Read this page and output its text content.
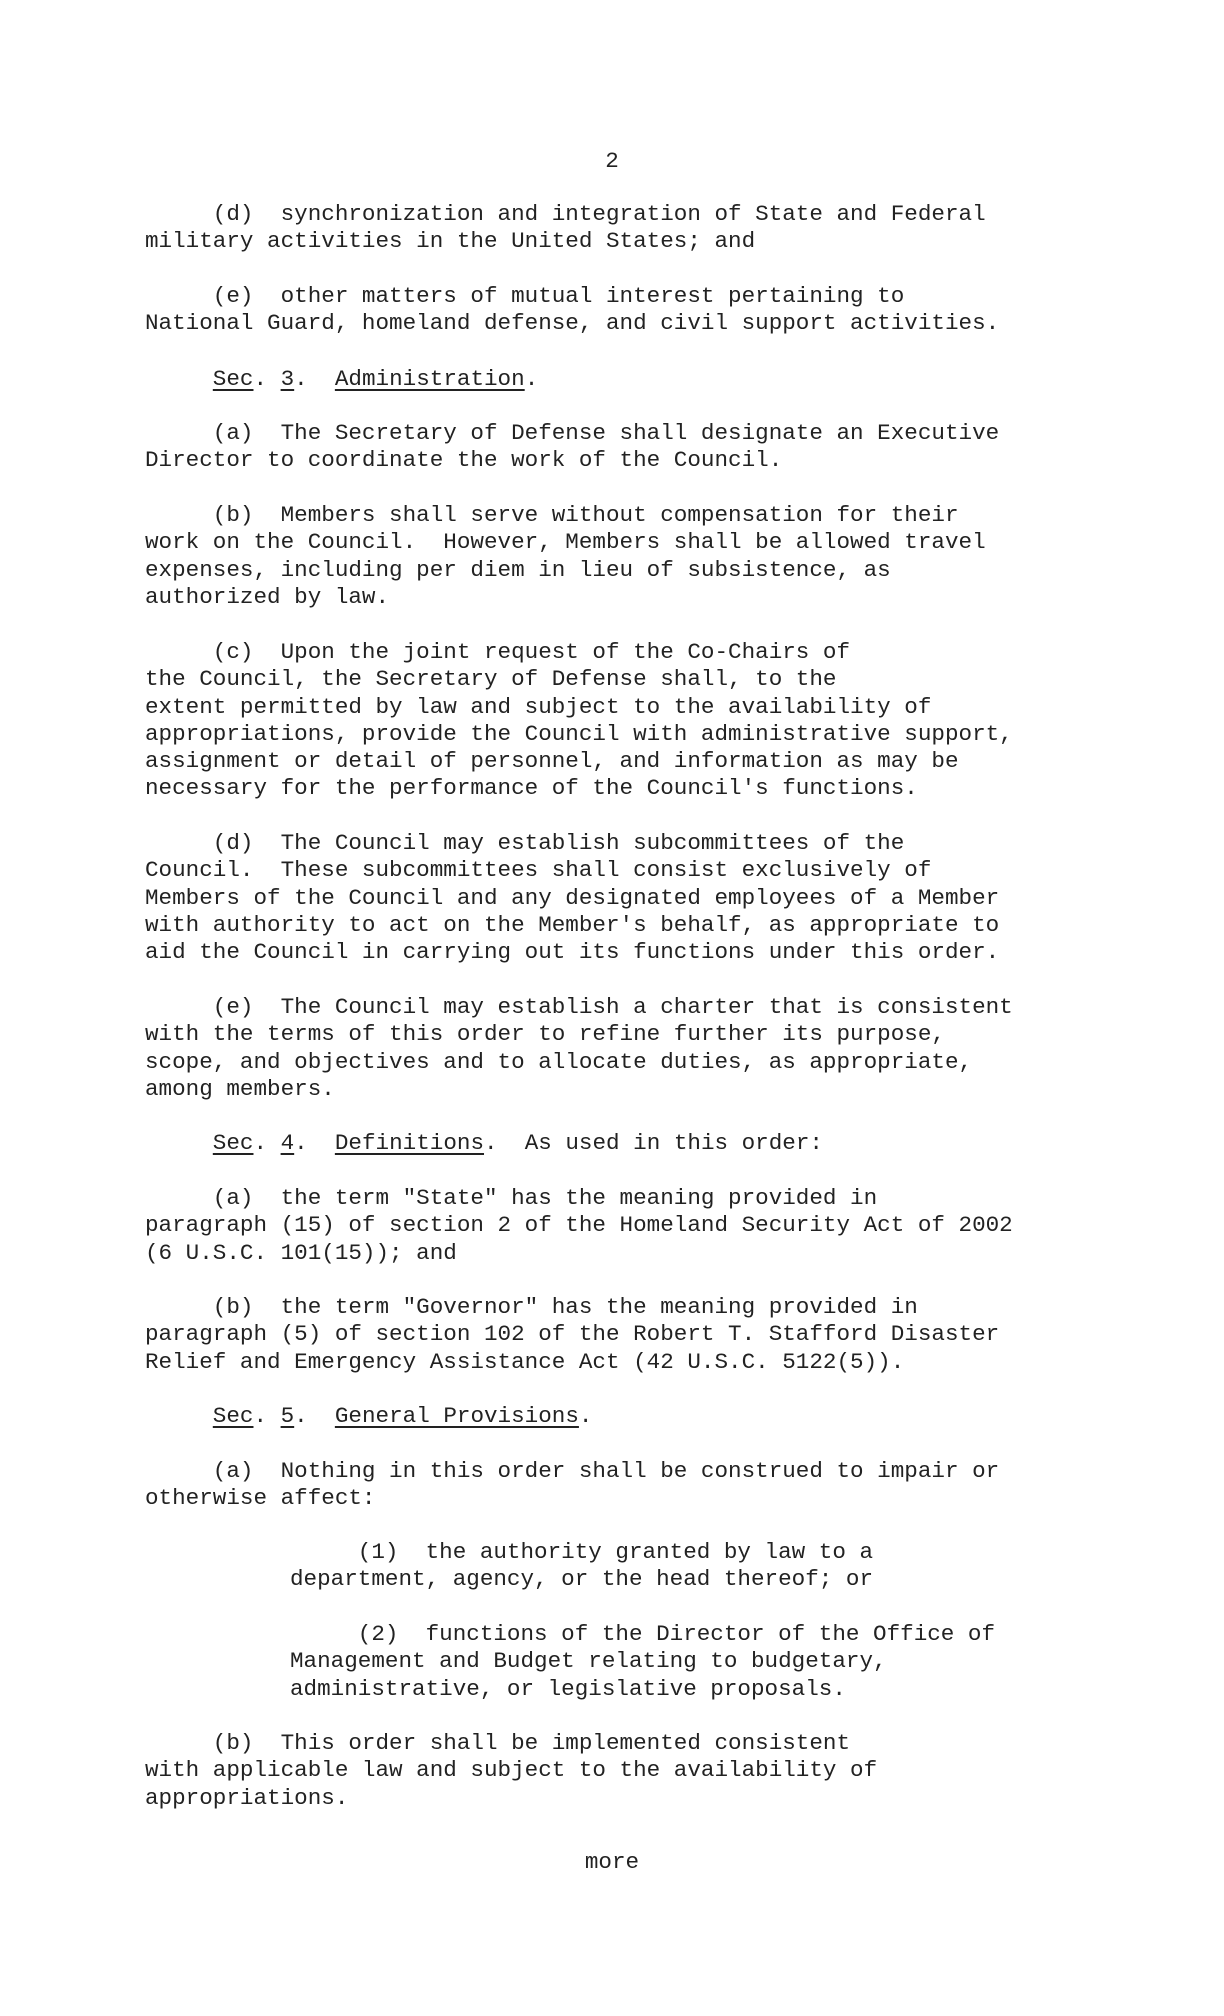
2
(d)  synchronization and integration of State and Federal
military activities in the United States; and
(e)  other matters of mutual interest pertaining to
National Guard, homeland defense, and civil support activities.
Sec. 3.  Administration.
(a)  The Secretary of Defense shall designate an Executive
Director to coordinate the work of the Council.
(b)  Members shall serve without compensation for their
work on the Council.  However, Members shall be allowed travel
expenses, including per diem in lieu of subsistence, as
authorized by law.
(c)  Upon the joint request of the Co-Chairs of
the Council, the Secretary of Defense shall, to the
extent permitted by law and subject to the availability of
appropriations, provide the Council with administrative support,
assignment or detail of personnel, and information as may be
necessary for the performance of the Council's functions.
(d)  The Council may establish subcommittees of the
Council.  These subcommittees shall consist exclusively of
Members of the Council and any designated employees of a Member
with authority to act on the Member's behalf, as appropriate to
aid the Council in carrying out its functions under this order.
(e)  The Council may establish a charter that is consistent
with the terms of this order to refine further its purpose,
scope, and objectives and to allocate duties, as appropriate,
among members.
Sec. 4.  Definitions.  As used in this order:
(a)  the term "State" has the meaning provided in
paragraph (15) of section 2 of the Homeland Security Act of 2002
(6 U.S.C. 101(15)); and
(b)  the term "Governor" has the meaning provided in
paragraph (5) of section 102 of the Robert T. Stafford Disaster
Relief and Emergency Assistance Act (42 U.S.C. 5122(5)).
Sec. 5.  General Provisions.
(a)  Nothing in this order shall be construed to impair or
otherwise affect:
(1)  the authority granted by law to a
department, agency, or the head thereof; or
(2)  functions of the Director of the Office of
Management and Budget relating to budgetary,
administrative, or legislative proposals.
(b)  This order shall be implemented consistent
with applicable law and subject to the availability of
appropriations.
more
